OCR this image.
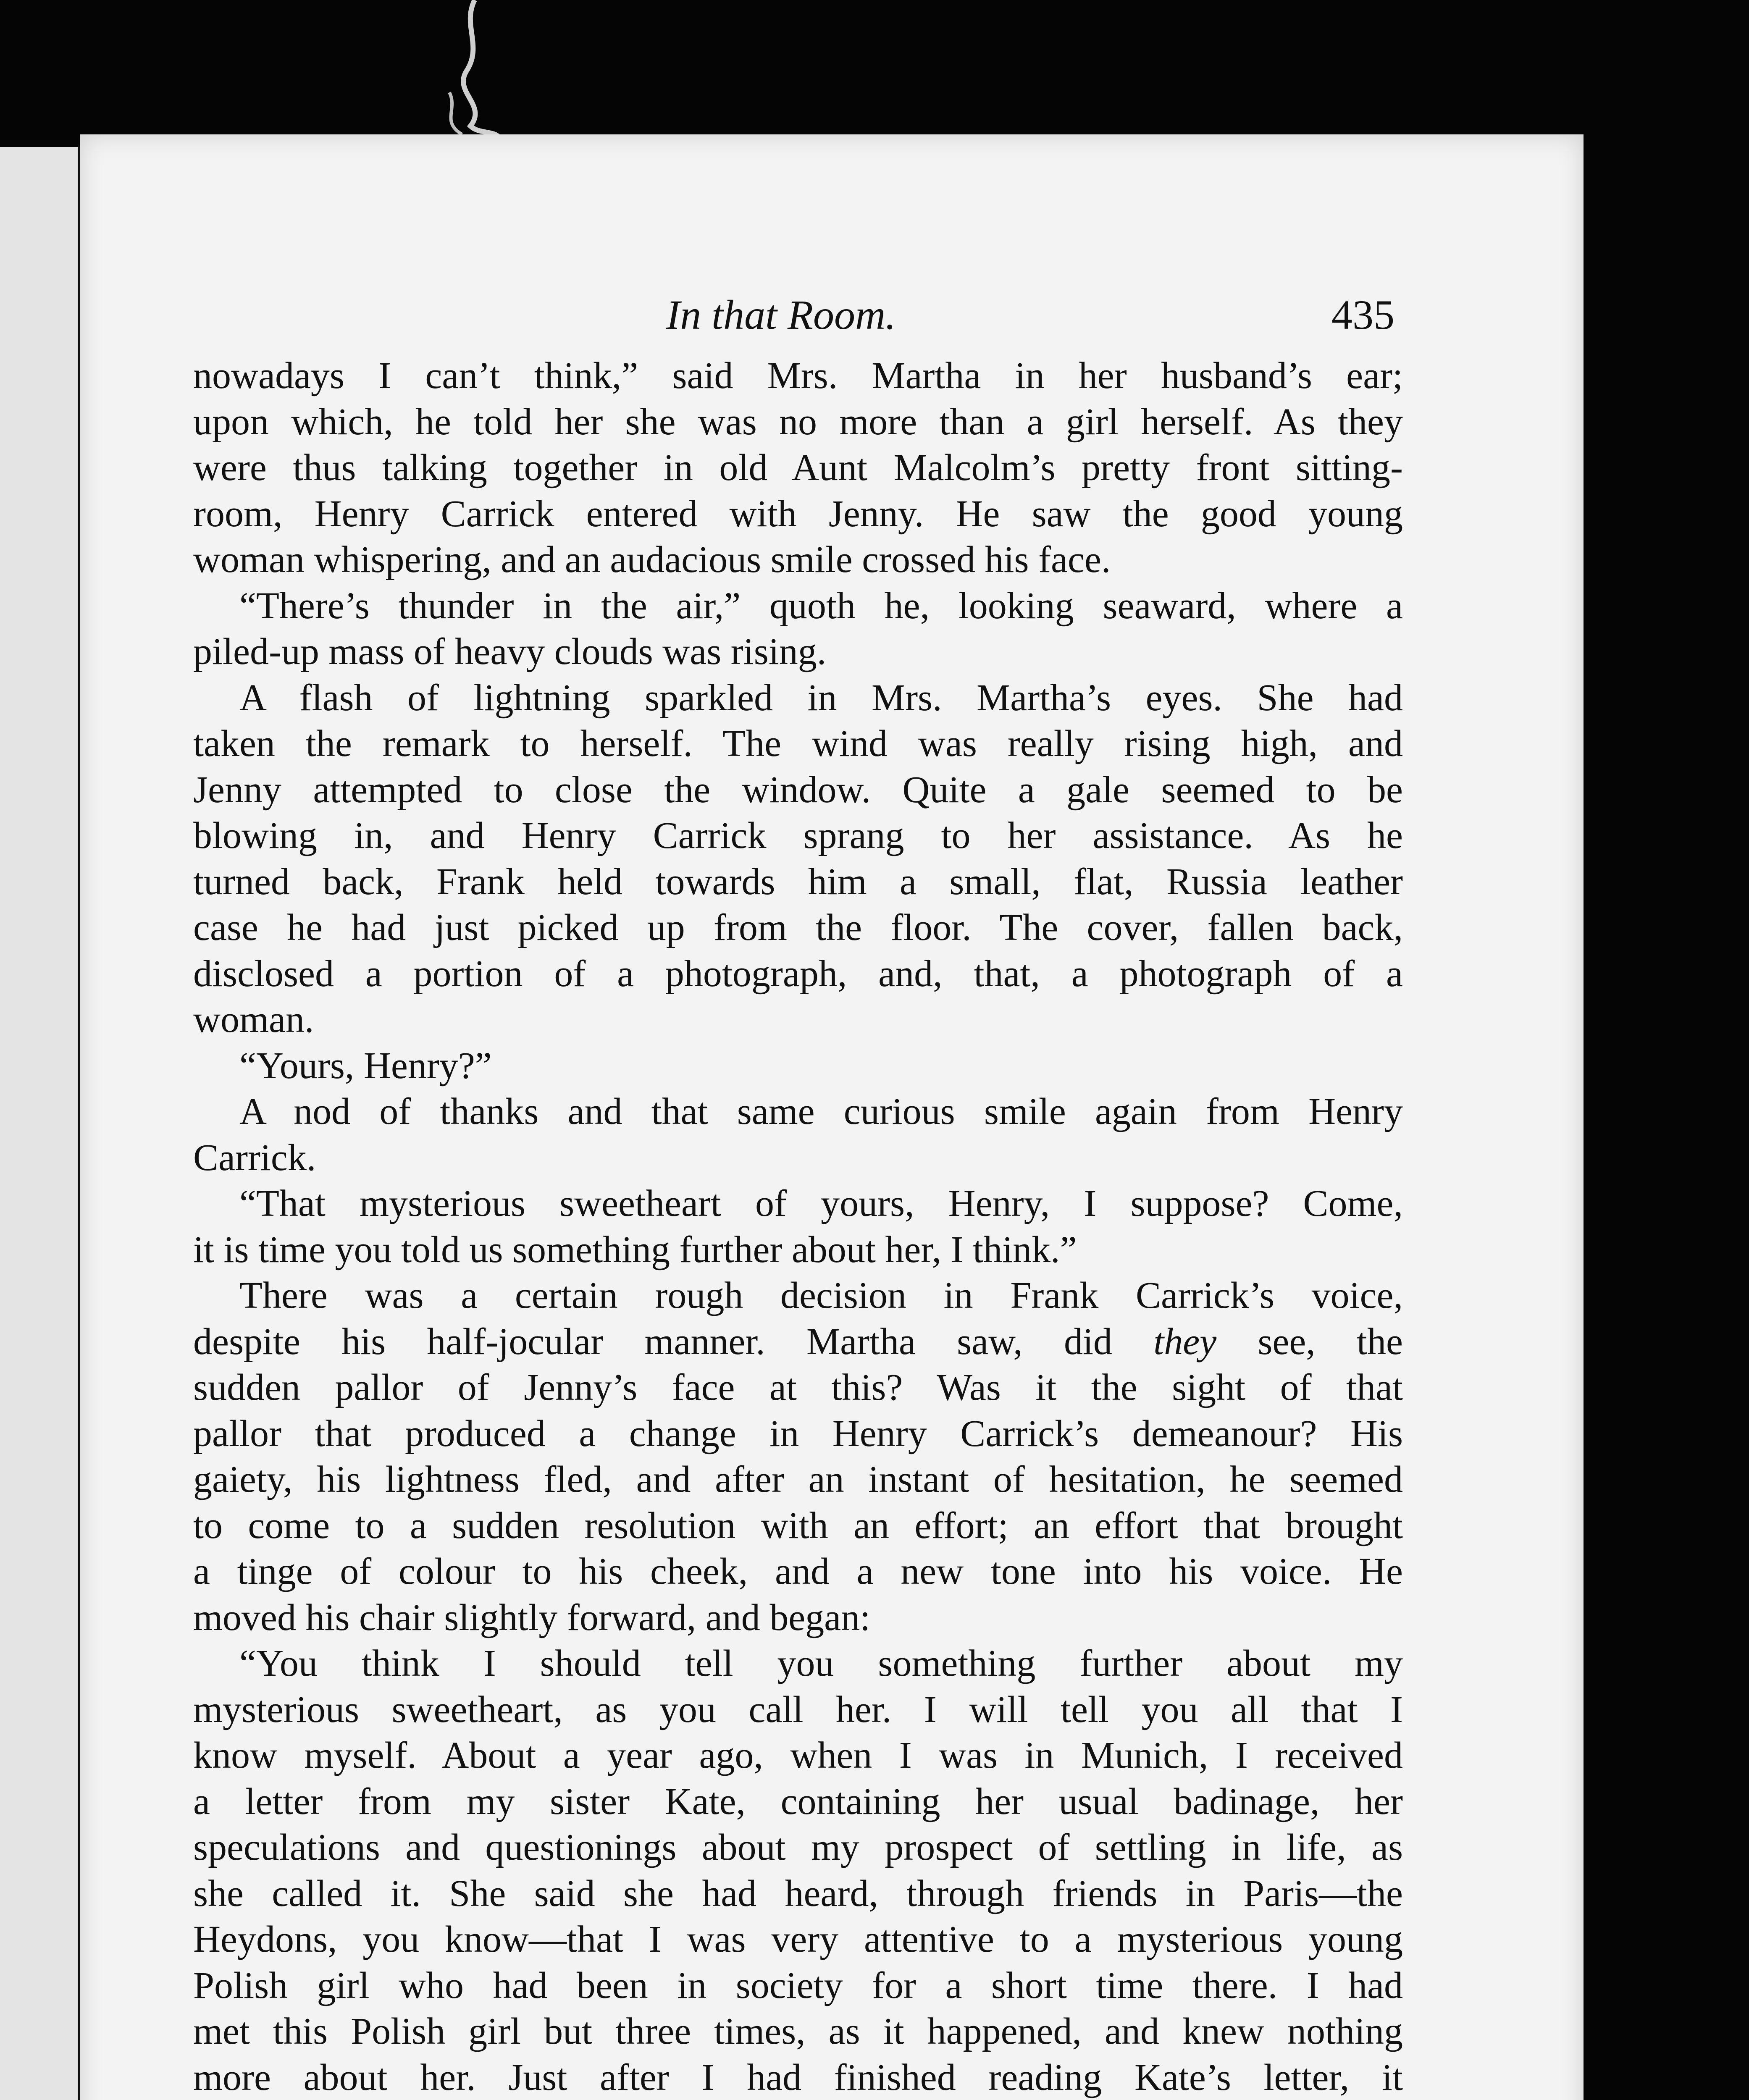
In that Room.	435
nowadays I can’t think,” said Mrs. Martha in her husband’s ear;
upon which, he told her she was no more than a girl herself. As they
were thus talking together in old Aunt Malcolm’s pretty front sitting-
room, Henry Carrick entered with Jenny. He saw the good young
woman whispering, and an audacious smile crossed his face.
“There’s thunder in the air,” quoth he, looking seaward, where a
piled-up mass of heavy clouds was rising.
A flash of lightning sparkled in Mrs. Martha’s eyes. She had
taken the remark to herself. The wind was really rising high, and
Jenny attempted to close the window. Quite a gale seemed to be
blowing in, and Henry Carrick sprang to her assistance. As he
turned back, Frank held towards him a small, flat, Russia leather
case he had just picked up from the floor. The cover, fallen back,
disclosed a portion of a photograph, and, that, a photograph of a
woman.
“Yours, Henry?”
A nod of thanks and that same curious smile again from Henry
Carrick.
“That mysterious sweetheart of yours, Henry, I suppose? Come,
it is time you told us something further about her, I think.”
There was a certain rough decision in Frank Carrick’s voice,
despite his half-jocular manner. Martha saw, did they see, the
sudden pallor of Jenny’s face at this? Was it the sight of that
pallor that produced a change in Henry Carrick’s demeanour? His
gaiety, his lightness fled, and after an instant of hesitation, he seemed
to come to a sudden resolution with an effort; an effort that brought
a tinge of colour to his cheek, and a new tone into his voice. He
moved his chair slightly forward, and began:
“You think I should tell you something further about my
mysterious sweetheart, as you call her. I will tell you all that I
know myself. About a year ago, when I was in Munich, I received
a letter from my sister Kate, containing her usual badinage, her
speculations and questionings about my prospect of settling in life, as
she called it. She said she had heard, through friends in Paris—the
Heydons, you know—that I was very attentive to a mysterious young
Polish girl who had been in society for a short time there. I had
met this Polish girl but three times, as it happened, and knew nothing
more about her. Just after I had finished reading Kate’s letter, it
